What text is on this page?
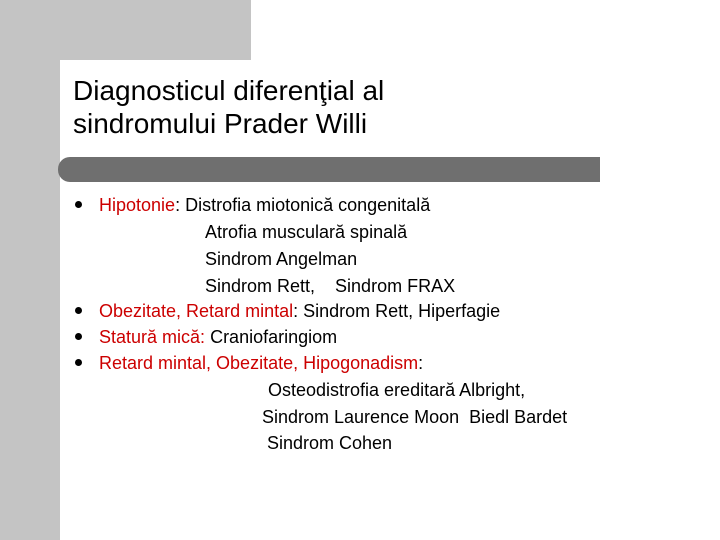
Diagnosticul diferenţial al
sindromului Prader Willi
Hipotonie: Distrofia miotonică congenitală
Atrofia musculară spinală
Sindrom Angelman
Sindrom Rett,    Sindrom FRAX
Obezitate, Retard mintal: Sindrom Rett, Hiperfagie
Statură mică: Craniofaringiom
Retard mintal, Obezitate, Hipogonadism:
Osteodistrofia ereditară Albright,
Sindrom Laurence Moon  Biedl Bardet
Sindrom Cohen
